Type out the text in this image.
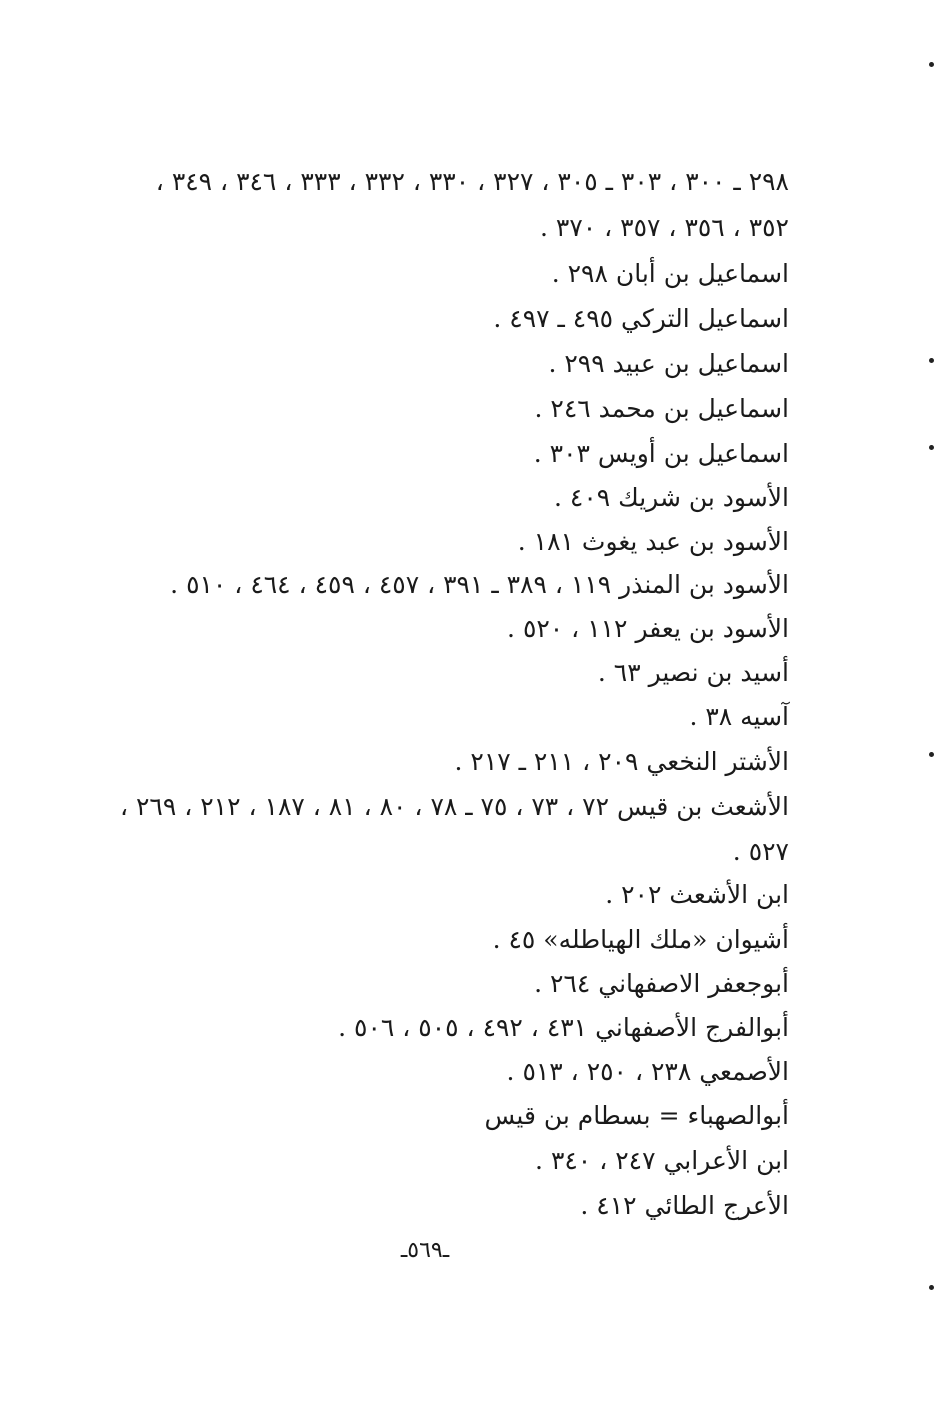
٢٩٨ ـ ٣٠٠ ، ٣٠٣ ـ ٣٠٥ ، ٣٢٧ ، ٣٣٠ ، ٣٣٢ ، ٣٣٣ ، ٣٤٦ ، ٣٤٩ ،
٣٥٢ ، ٣٥٦ ، ٣٥٧ ، ٣٧٠ .
اسماعيل بن أبان ٢٩٨ .
اسماعيل التركي ٤٩٥ ـ ٤٩٧ .
اسماعيل بن عبيد ٢٩٩ .
اسماعيل بن محمد ٢٤٦ .
اسماعيل بن أويس ٣٠٣ .
الأسود بن شريك ٤٠٩ .
الأسود بن عبد يغوث ١٨١ .
الأسود بن المنذر ١١٩ ، ٣٨٩ ـ ٣٩١ ، ٤٥٧ ، ٤٥٩ ، ٤٦٤ ، ٥١٠ .
الأسود بن يعفر ١١٢ ، ٥٢٠ .
أسيد بن نصير ٦٣ .
آسيه ٣٨ .
الأشتر النخعي ٢٠٩ ، ٢١١ ـ ٢١٧ .
الأشعث بن قيس ٧٢ ، ٧٣ ، ٧٥ ـ ٧٨ ، ٨٠ ، ٨١ ، ١٨٧ ، ٢١٢ ، ٢٦٩ ،
٥٢٧ .
ابن الأشعث ٢٠٢ .
أشيوان «ملك الهياطله» ٤٥ .
أبوجعفر الاصفهاني ٢٦٤ .
أبوالفرج الأصفهاني ٤٣١ ، ٤٩٢ ، ٥٠٥ ، ٥٠٦ .
الأصمعي ٢٣٨ ، ٢٥٠ ، ٥١٣ .
أبوالصهباء = بسطام بن قيس
ابن الأعرابي ٢٤٧ ، ٣٤٠ .
الأعرج الطائي ٤١٢ .
ـ٥٦٩ـ
